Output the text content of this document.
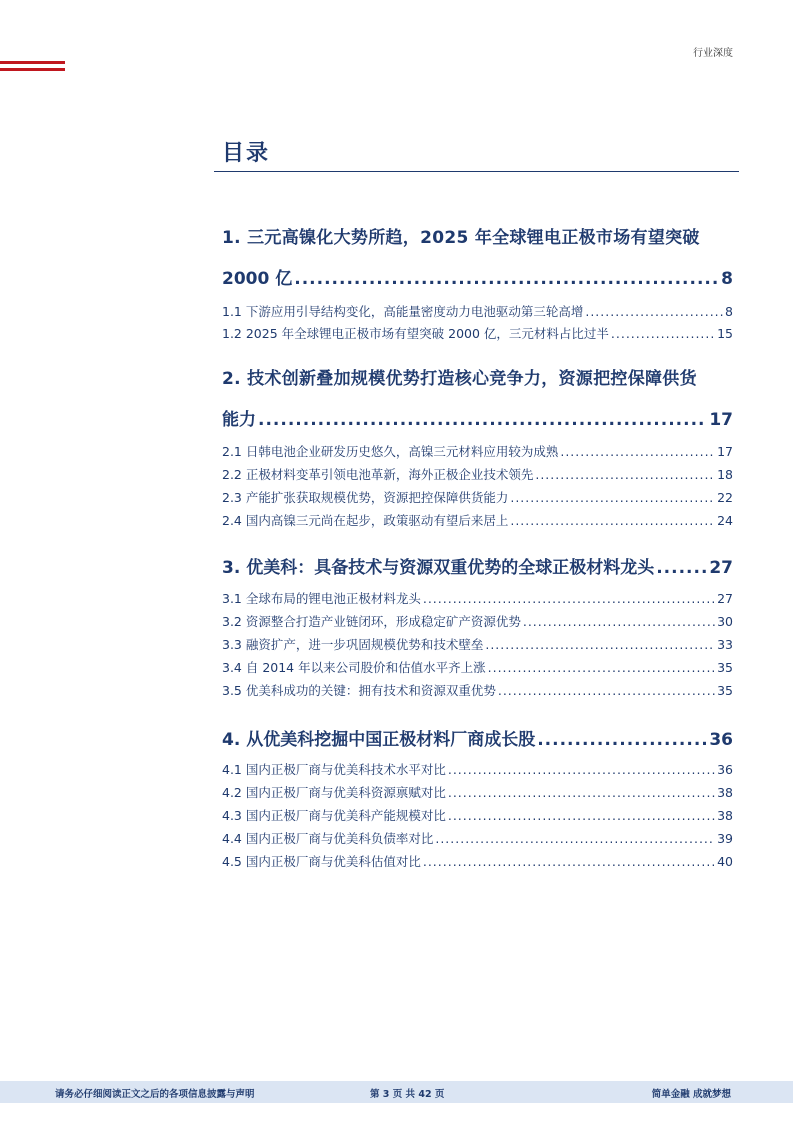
行业深度
目录
1. 三元高镍化大势所趋，2025 年全球锂电正极市场有望突破
2000 亿 .....	8
1.1 下游应用引导结构变化，高能量密度动力电池驱动第三轮高增 .....	8
1.2 2025 年全球锂电正极市场有望突破 2000 亿，三元材料占比过半 .....	15
2. 技术创新叠加规模优势打造核心竞争力，资源把控保障供货
能力 .....	17
2.1 日韩电池企业研发历史悠久，高镍三元材料应用较为成熟 .....	17
2.2 正极材料变革引领电池革新，海外正极企业技术领先 .....	18
2.3 产能扩张获取规模优势，资源把控保障供货能力 .....	22
2.4 国内高镍三元尚在起步，政策驱动有望后来居上 .....	24
3. 优美科：具备技术与资源双重优势的全球正极材料龙头 .....	27
3.1 全球布局的锂电池正极材料龙头 .....	27
3.2 资源整合打造产业链闭环，形成稳定矿产资源优势 .....	30
3.3 融资扩产，进一步巩固规模优势和技术壁垒 .....	33
3.4 自 2014 年以来公司股价和估值水平齐上涨 .....	35
3.5 优美科成功的关键：拥有技术和资源双重优势 .....	35
4. 从优美科挖掘中国正极材料厂商成长股 .....	36
4.1 国内正极厂商与优美科技术水平对比 .....	36
4.2 国内正极厂商与优美科资源禀赋对比 .....	38
4.3 国内正极厂商与优美科产能规模对比 .....	38
4.4 国内正极厂商与优美科负债率对比 .....	39
4.5 国内正极厂商与优美科估值对比 .....	40
请务必仔细阅读正文之后的各项信息披露与声明	第 3 页 共 42 页	简单金融 成就梦想
